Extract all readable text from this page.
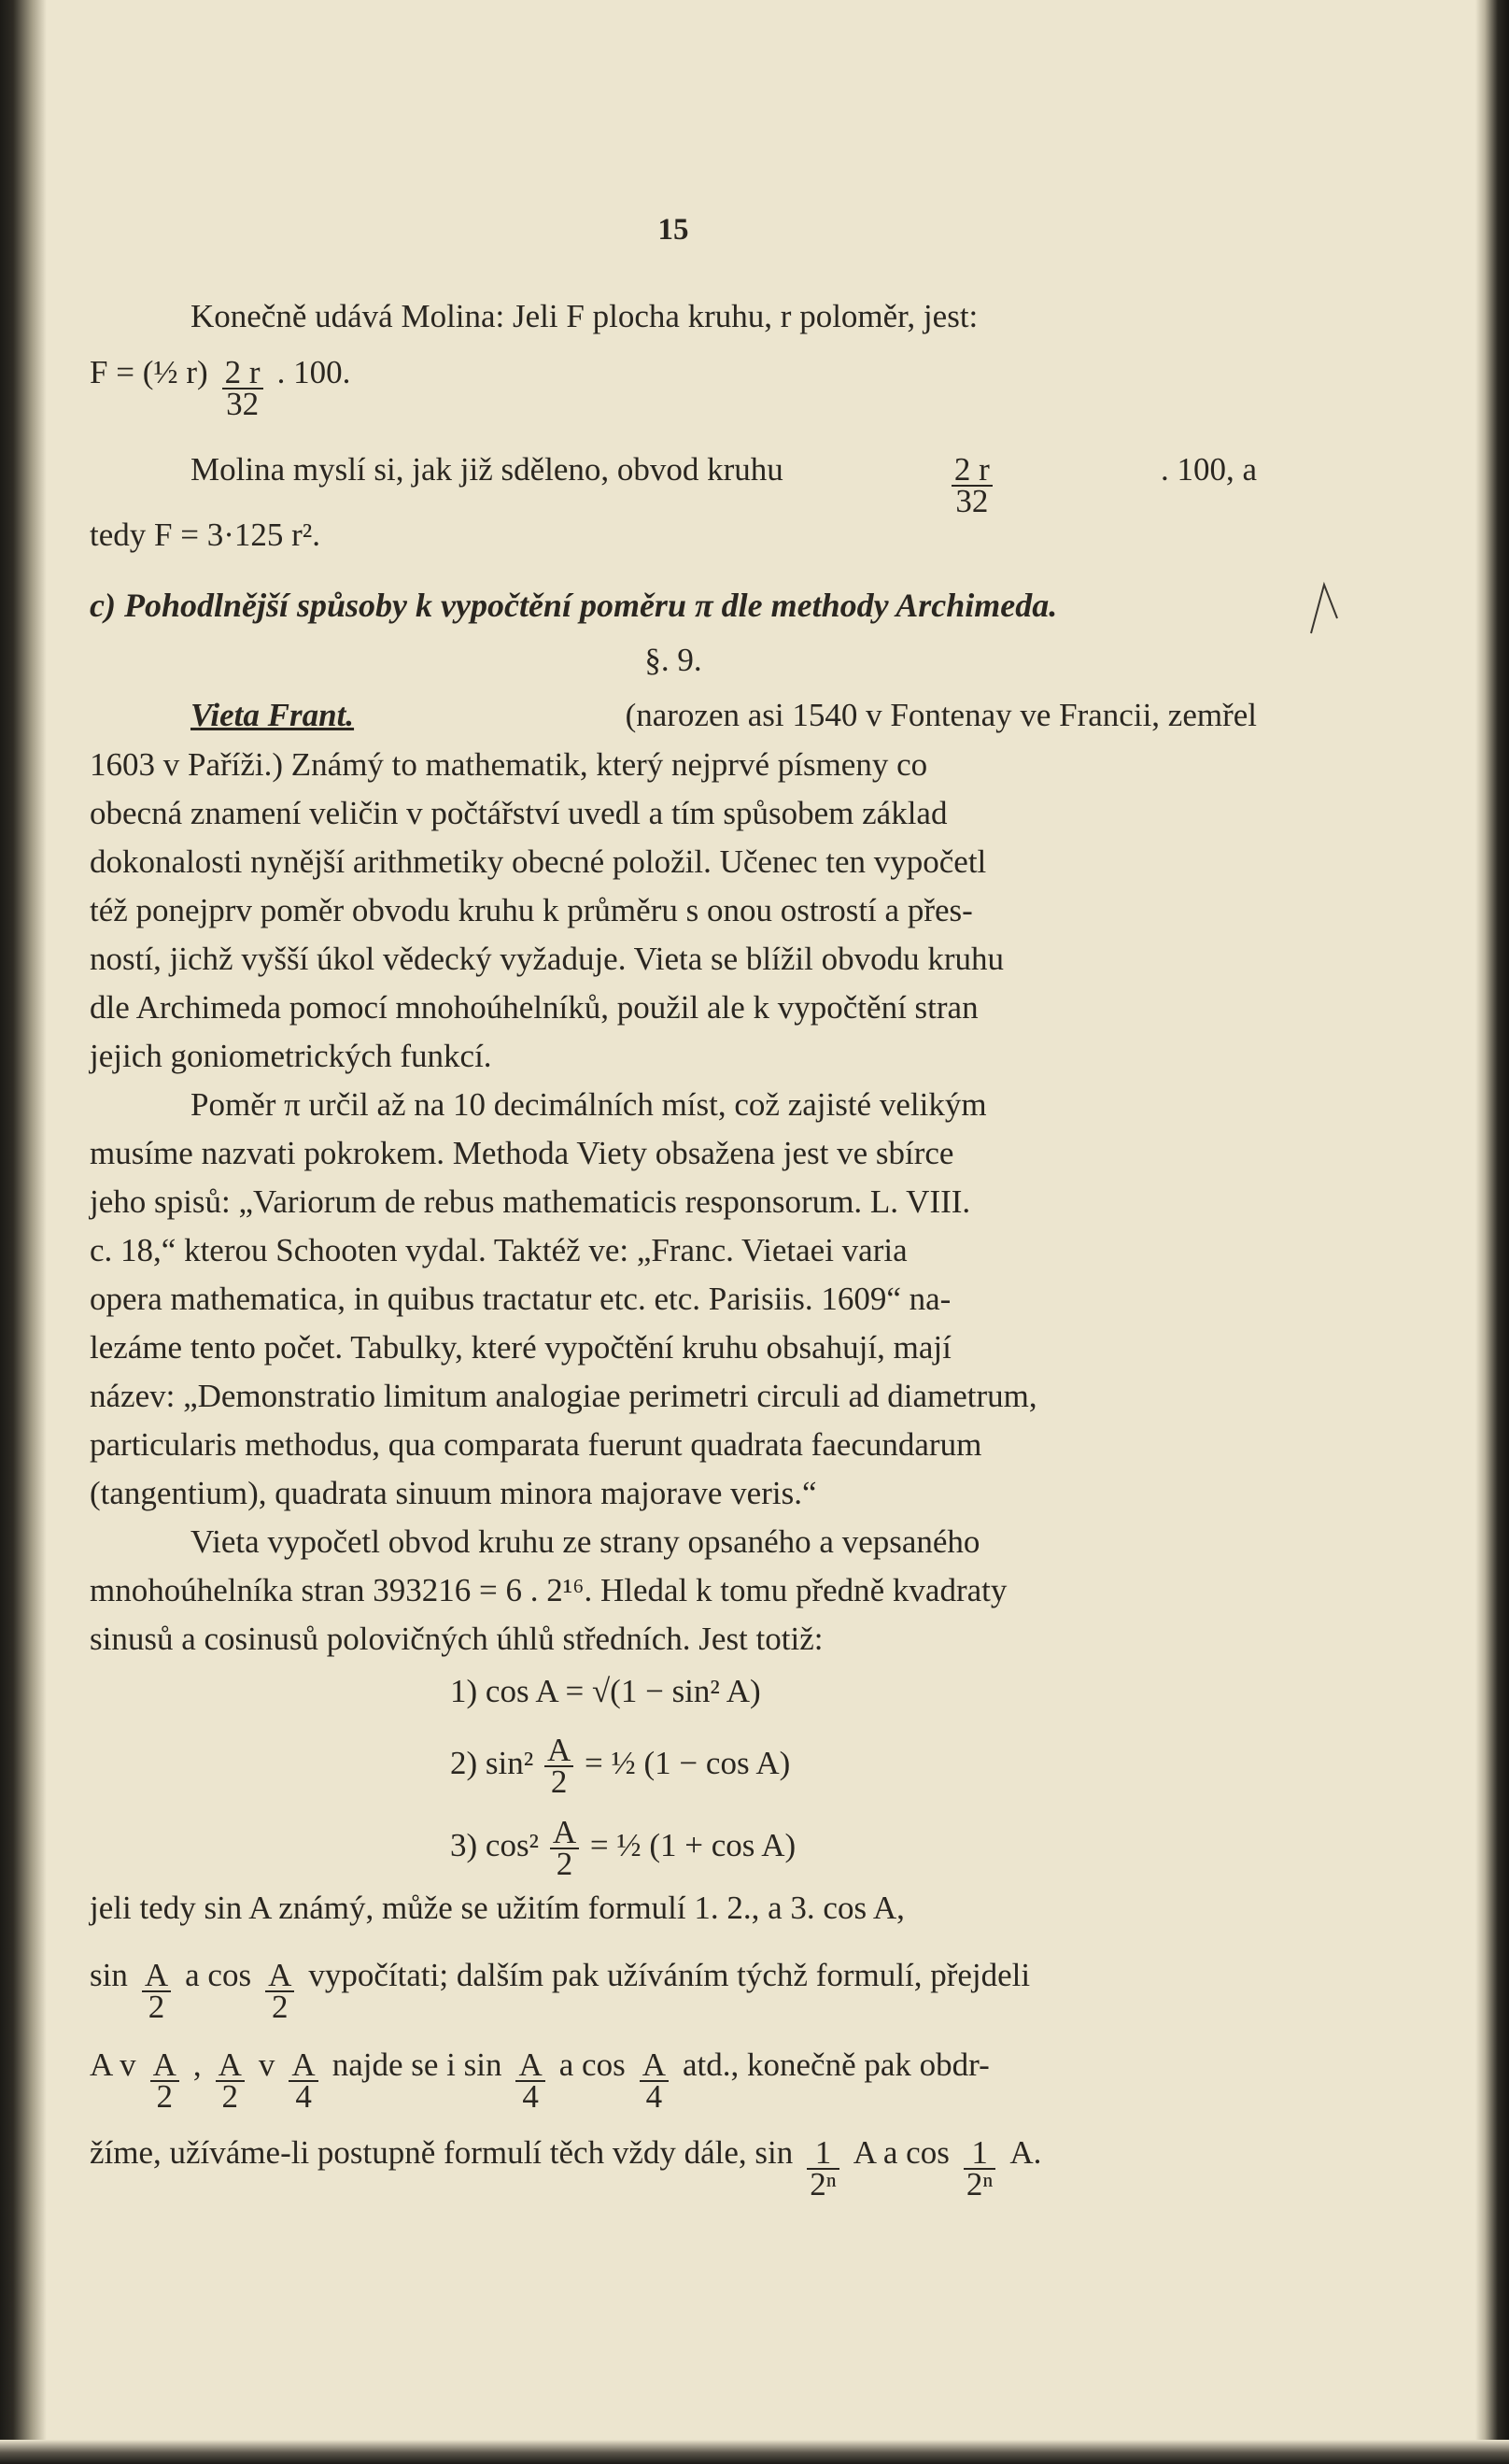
15
Konečně udává Molina: Jeli F plocha kruhu, r poloměr, jest:
F = (½ $r) \frac{2 r}{32}$ . 100.
Molina myslí si, jak již sděleno, obvod kruhu	$\frac{2 r}{32}$	. 100, a
tedy F = 3·125 r².
c) Pohodlnější spůsoby k vypočtění poměru π dle methody Archimeda.
§. 9.
Vieta Frant.	(narozen asi 1540 v Fontenay ve Francii, zemřel
1603 v Paříži.) Známý to mathematik, který nejprvé písmeny co
obecná znamení veličin v počtářství uvedl a tím spůsobem základ
dokonalosti nynější arithmetiky obecné položil. Učenec ten vypočetl
též ponejprv poměr obvodu kruhu k průměru s onou ostrostí a přes-
ností, jichž vyšší úkol vědecký vyžaduje. Vieta se blížil obvodu kruhu
dle Archimeda pomocí mnohoúhelníků, použil ale k vypočtění stran
jejich goniometrických funkcí.
Poměr π určil až na 10 decimálních míst, což zajisté velikým
musíme nazvati pokrokem. Methoda Viety obsažena jest ve sbírce
jeho spisů: „Variorum de rebus mathematicis responsorum. L. VIII.
c. 18,“ kterou Schooten vydal. Taktéž ve: „Franc. Vietaei varia
opera mathematica, in quibus tractatur etc. etc. Parisiis. 1609“ na-
lezáme tento počet. Tabulky, které vypočtění kruhu obsahují, mají
název: „Demonstratio limitum analogiae perimetri circuli ad diametrum,
particularis methodus, qua comparata fuerunt quadrata faecundarum
(tangentium), quadrata sinuum minora majorave veris.“
Vieta vypočetl obvod kruhu ze strany opsaného a vepsaného
mnohoúhelníka stran 393216 = 6 . 2¹⁶. Hledal k tomu předně kvadraty
sinusů a cosinusů polovičných úhlů středních. Jest totiž:
1) cos A = √(1 − sin² A)
2) $\sin^2 \frac{A}{2}$ = ½ (1 − cos A)
3) $\cos^2 \frac{A}{2}$ = ½ (1 + cos A)
jeli tedy sin A známý, může se užitím formulí 1. 2., a 3. cos A,
$\sin \frac{A}{2}$ a $\cos \frac{A}{2}$ vypočítati; dalším pak užíváním týchž formulí, přejdeli
A v $\frac{A}{2}$ , $\frac{A}{2}$ v $\frac{A}{4}$ najde se i $\sin \frac{A}{4}$ a $\cos \frac{A}{4}$ atd., konečně pak obdr-
žíme, užíváme-li postupně formulí těch vždy dále, $\sin \frac{1}{\text{2ⁿ}}$ A a $\cos \frac{1}{\text{2ⁿ}} A$.
